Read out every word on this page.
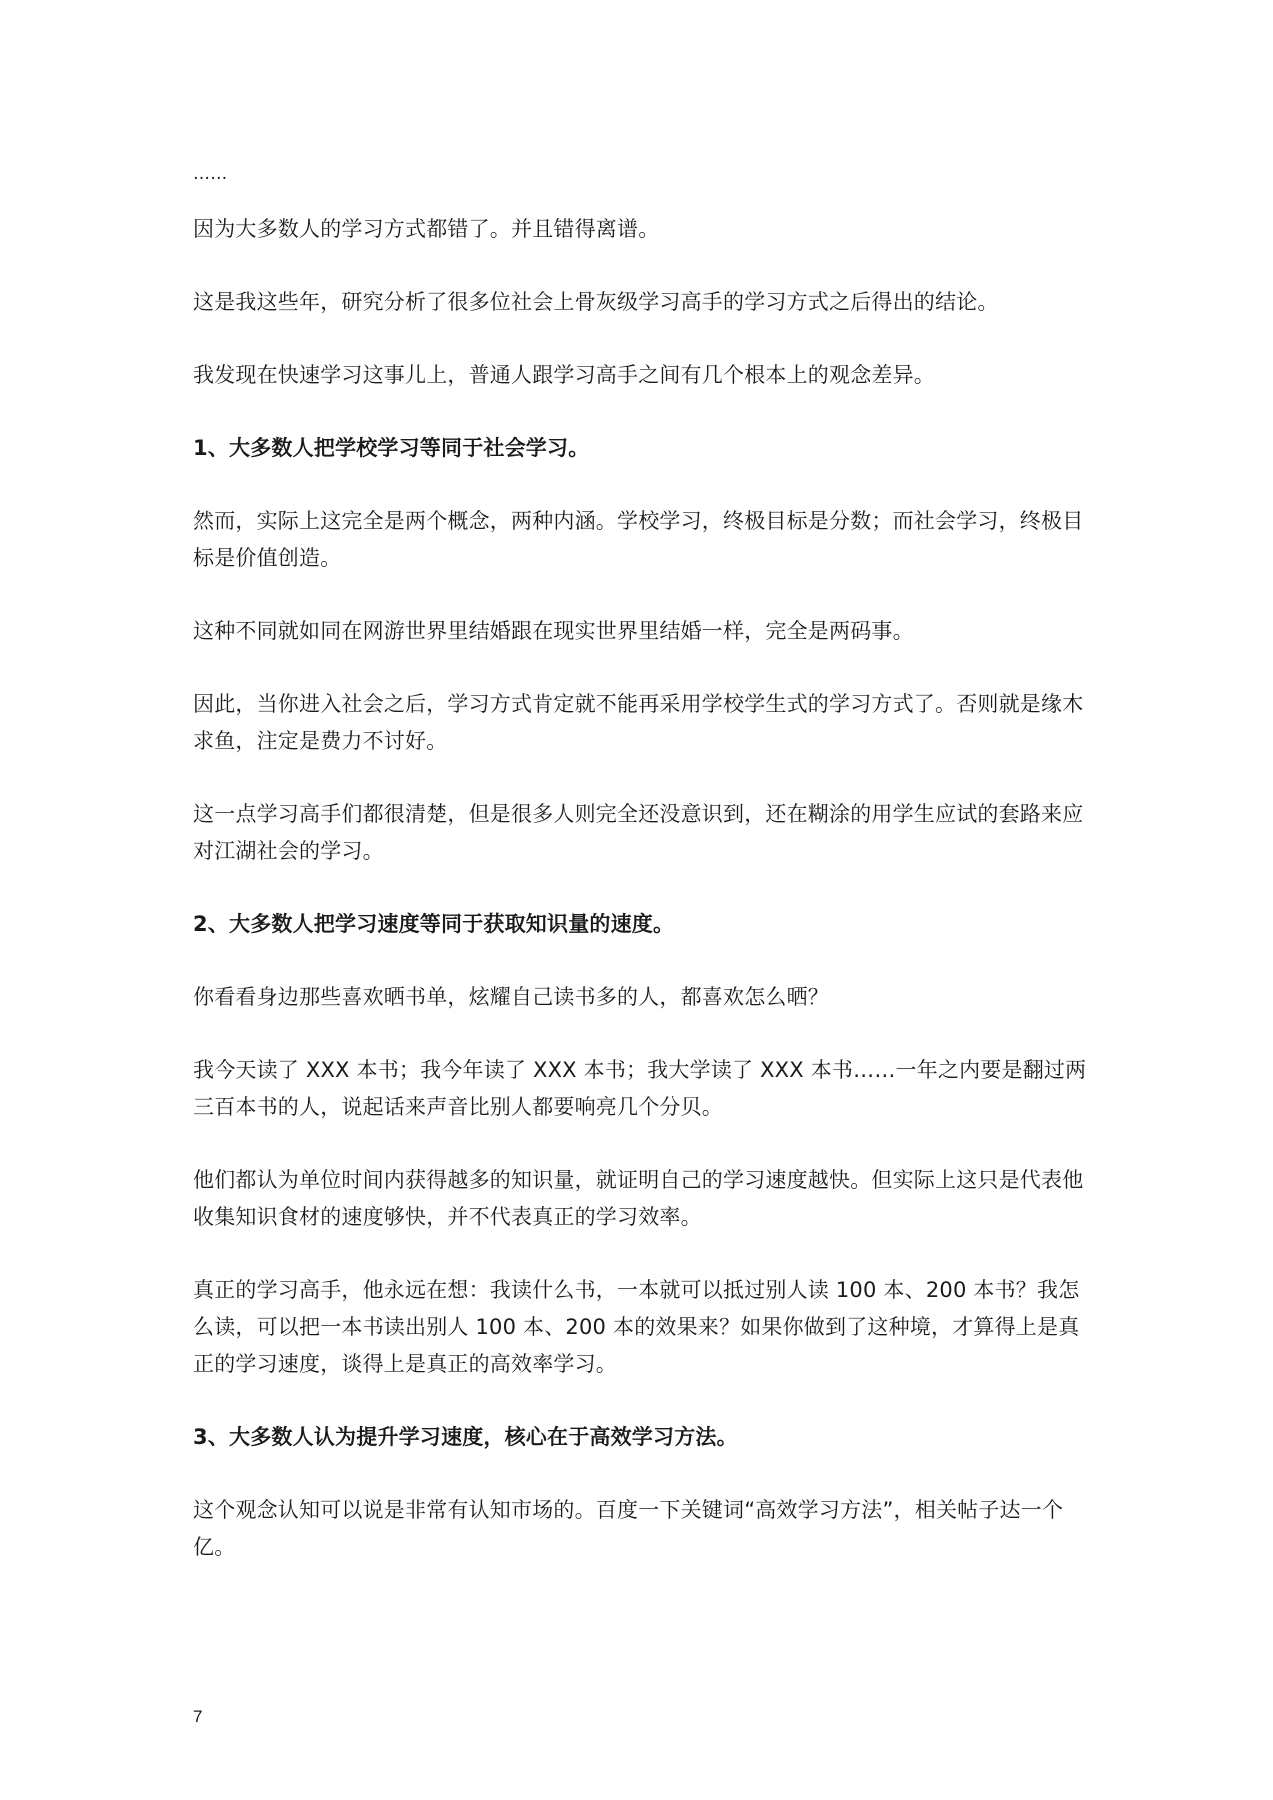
……

因为大多数人的学习方式都错了。并且错得离谱。

这是我这些年，研究分析了很多位社会上骨灰级学习高手的学习方式之后得出的结论。

我发现在快速学习这事儿上，普通人跟学习高手之间有几个根本上的观念差异。

1、大多数人把学校学习等同于社会学习。

然而，实际上这完全是两个概念，两种内涵。学校学习，终极目标是分数；而社会学习，终极目标是价值创造。

这种不同就如同在网游世界里结婚跟在现实世界里结婚一样，完全是两码事。

因此，当你进入社会之后，学习方式肯定就不能再采用学校学生式的学习方式了。否则就是缘木求鱼，注定是费力不讨好。

这一点学习高手们都很清楚，但是很多人则完全还没意识到，还在糊涂的用学生应试的套路来应对江湖社会的学习。

2、大多数人把学习速度等同于获取知识量的速度。

你看看身边那些喜欢晒书单，炫耀自己读书多的人，都喜欢怎么晒？

我今天读了 XXX 本书；我今年读了 XXX 本书；我大学读了 XXX 本书……一年之内要是翻过两三百本书的人，说起话来声音比别人都要响亮几个分贝。

他们都认为单位时间内获得越多的知识量，就证明自己的学习速度越快。但实际上这只是代表他收集知识食材的速度够快，并不代表真正的学习效率。

真正的学习高手，他永远在想：我读什么书，一本就可以抵过别人读 100 本、200 本书？我怎么读，可以把一本书读出别人 100 本、200 本的效果来？如果你做到了这种境，才算得上是真正的学习速度，谈得上是真正的高效率学习。

3、大多数人认为提升学习速度，核心在于高效学习方法。

这个观念认知可以说是非常有认知市场的。百度一下关键词“高效学习方法”，相关帖子达一个亿。

7
